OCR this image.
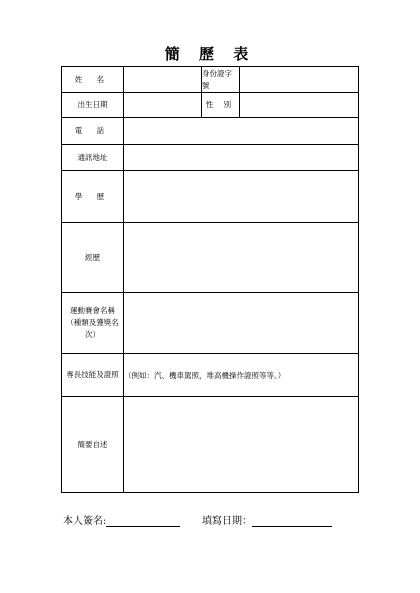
簡 歷 表
姓 名		身份證字號	
出生日期		性 別	
電 話			
通訊地址			
學 歷			
經歷			
運動賽會名稱（種類及獲獎名次）			
專長技能及證照	（例如：汽、機車駕照，堆高機操作證照等等。）		
簡要自述			
本人簽名:	填寫日期：
